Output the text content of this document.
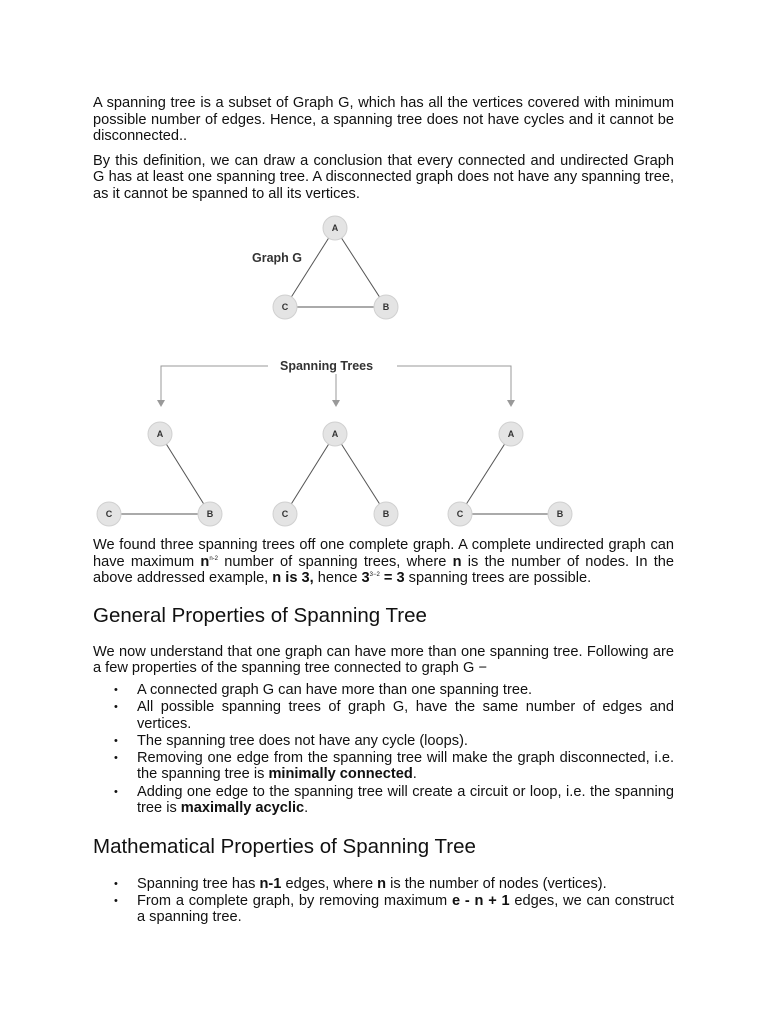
A
C	B
Graph G
Spanning Trees
A
C	B
A
C	B
A
C	B

A spanning tree is a subset of Graph G, which has all the vertices covered with minimum possible number of edges. Hence, a spanning tree does not have cycles and it cannot be disconnected..

By this definition, we can draw a conclusion that every connected and undirected Graph G has at least one spanning tree. A disconnected graph does not have any spanning tree, as it cannot be spanned to all its vertices.

We found three spanning trees off one complete graph. A complete undirected graph can have maximum $n^{n-2}$ number of spanning trees, where n is the number of nodes. In the above addressed example, n is 3, hence $3^{3-2} = 3$ spanning trees are possible.

General Properties of Spanning Tree

We now understand that one graph can have more than one spanning tree. Following are a few properties of the spanning tree connected to graph G −

• A connected graph G can have more than one spanning tree.
• All possible spanning trees of graph G, have the same number of edges and vertices.
• The spanning tree does not have any cycle (loops).
• Removing one edge from the spanning tree will make the graph disconnected, i.e. the spanning tree is minimally connected.
• Adding one edge to the spanning tree will create a circuit or loop, i.e. the spanning tree is maximally acyclic.
Mathematical Properties of Spanning Tree
• Spanning tree has n-1 edges, where n is the number of nodes (vertices).
• From a complete graph, by removing maximum e - n + 1 edges, we can construct a spanning tree.
